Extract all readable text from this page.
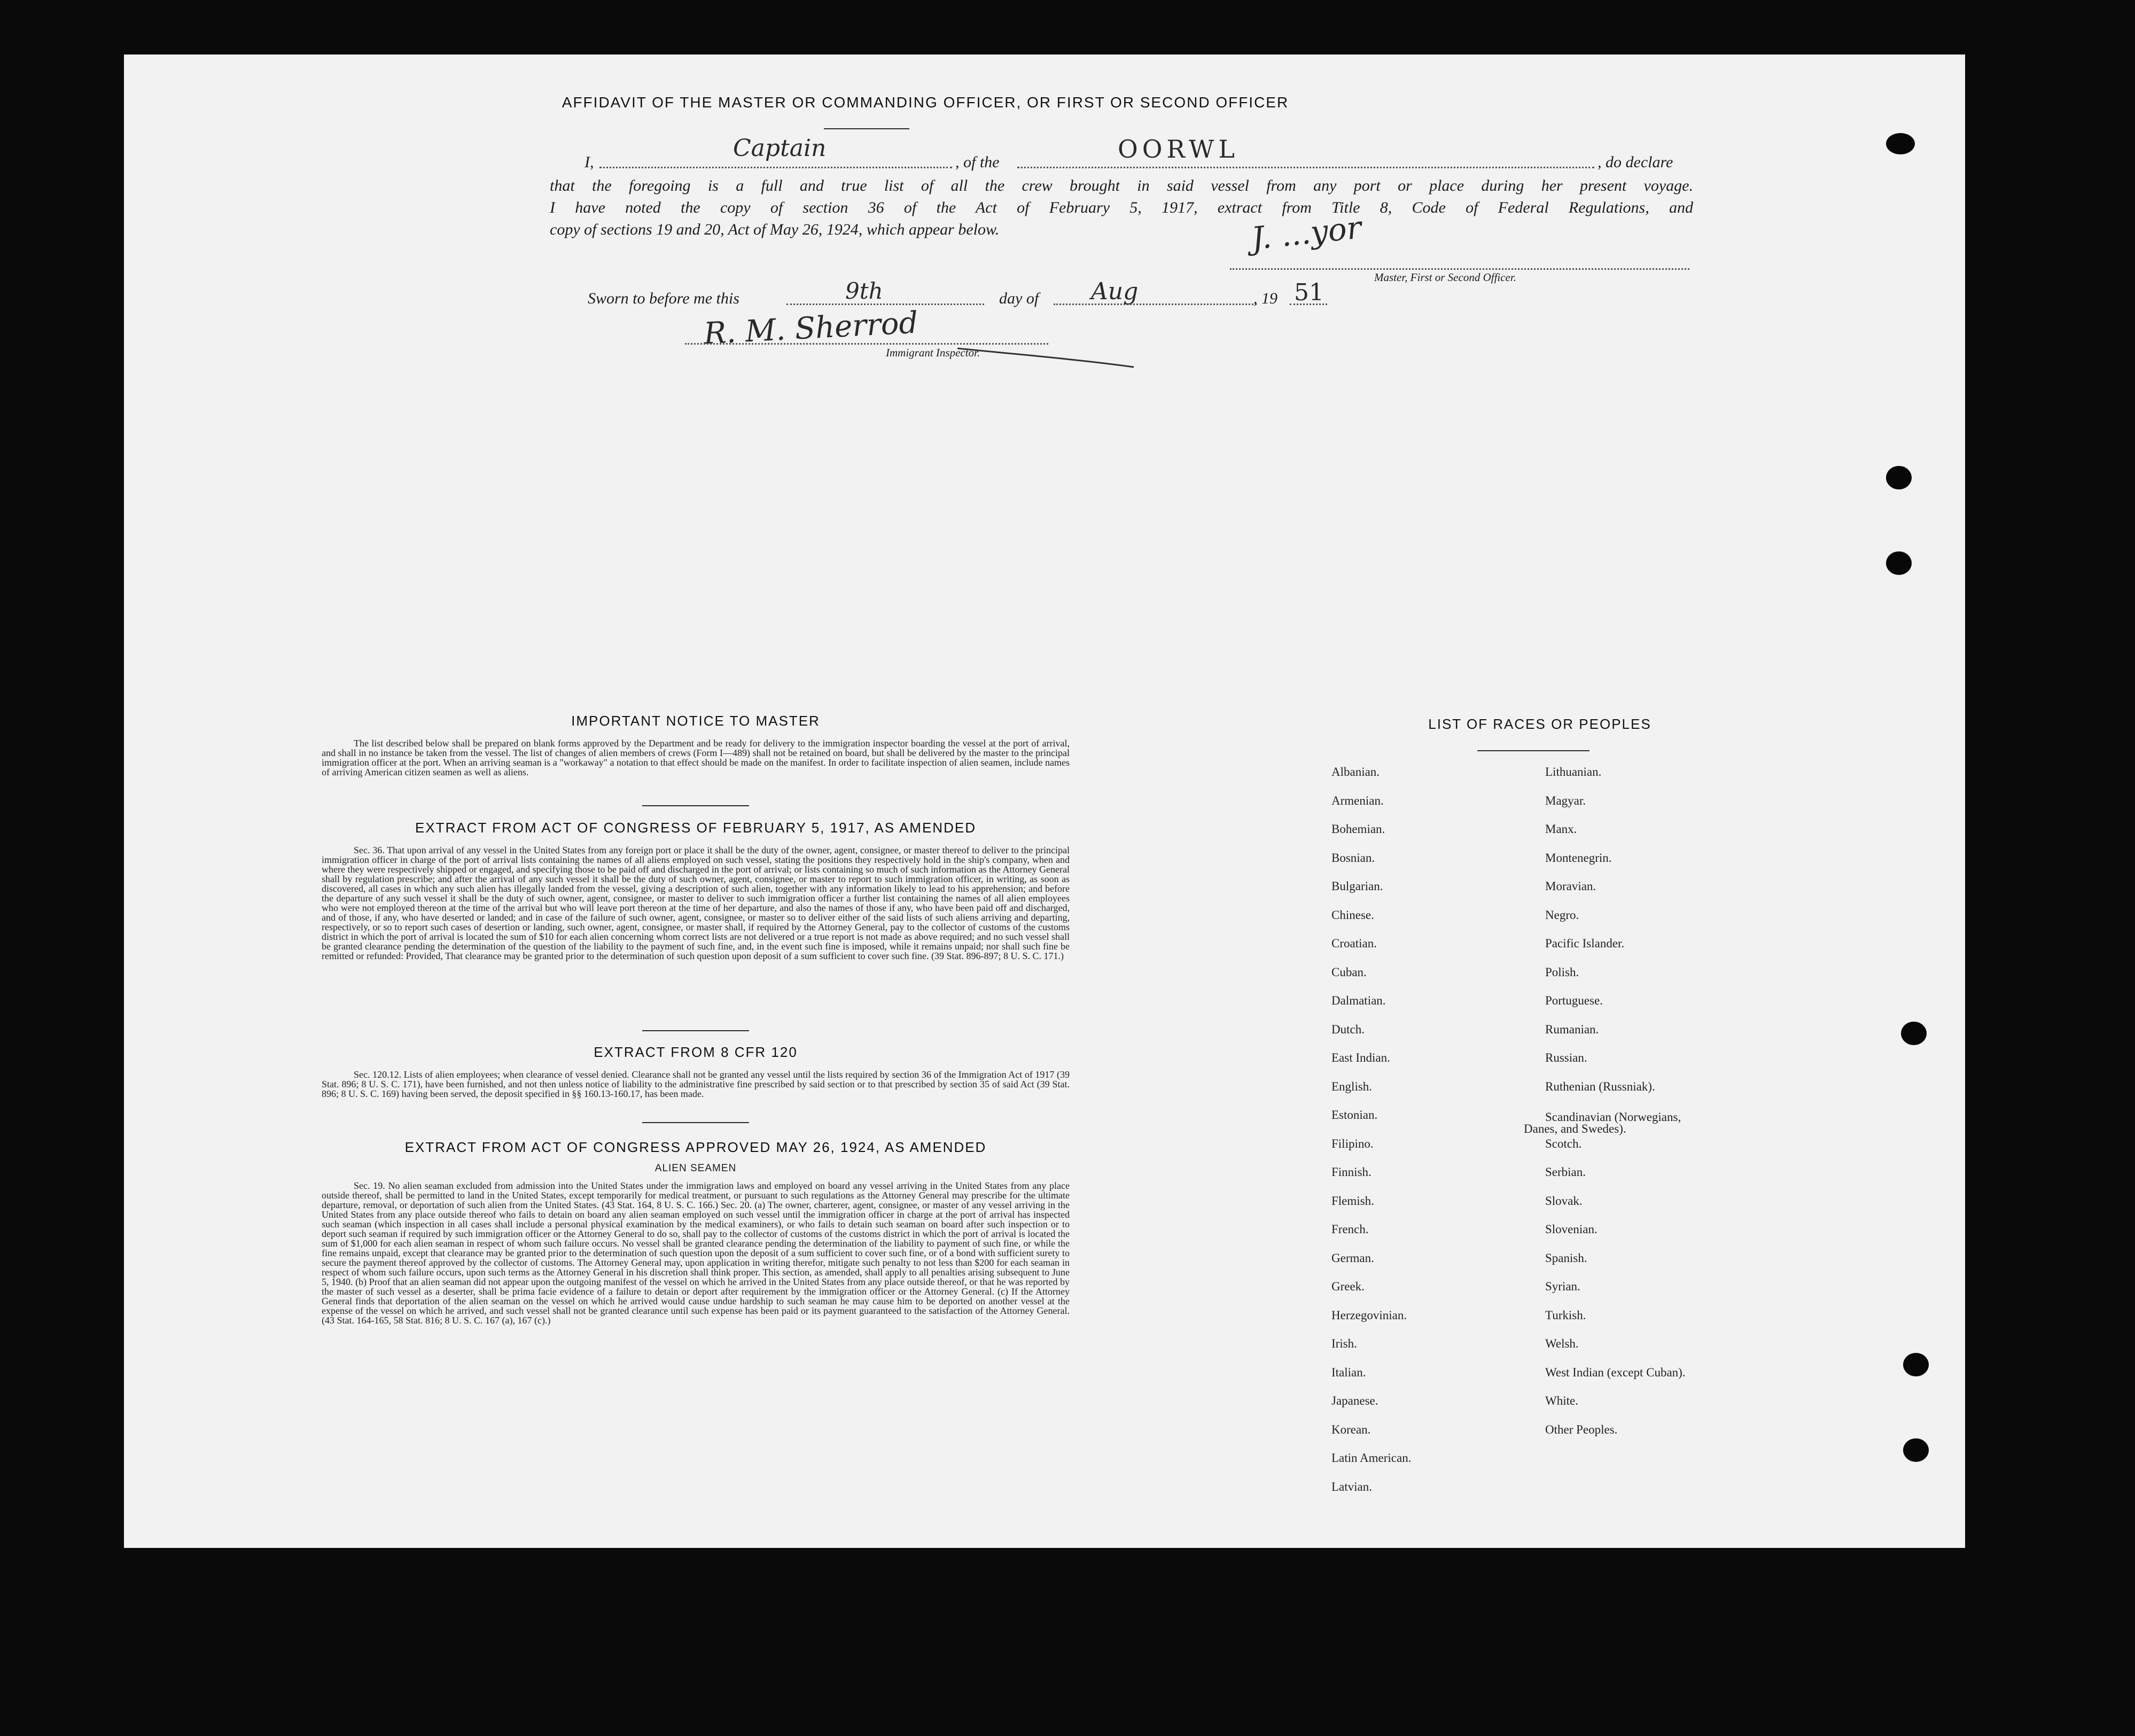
AFFIDAVIT OF THE MASTER OR COMMANDING OFFICER, OR FIRST OR SECOND OFFICER
I,
Captain
, of the	OORWL	, do declare
that the foregoing is a full and true list of all the crew brought in said vessel from any port or place during her present voyage.
I have noted the copy of section 36 of the Act of February 5, 1917, extract from Title 8, Code of Federal Regulations, and
copy of sections 19 and 20, Act of May 26, 1924, which appear below.	J. ...yor
Master, First or Second Officer.
Sworn to before me this	9th	day of Aug	, 19 51
R. M. Sherrod
Immigrant Inspector.
IMPORTANT NOTICE TO MASTER
The list described below shall be prepared on blank forms approved by the Department and be ready for delivery to the immigration inspector boarding the vessel at the port of arrival, and shall in no instance be taken from the vessel. The list of changes of alien members of crews (Form I—489) shall not be retained on board, but shall be delivered by the master to the principal immigration officer at the port. When an arriving seaman is a "workaway" a notation to that effect should be made on the manifest. In order to facilitate inspection of alien seamen, include names of arriving American citizen seamen as well as aliens.
EXTRACT FROM ACT OF CONGRESS OF FEBRUARY 5, 1917, AS AMENDED
Sec. 36. That upon arrival of any vessel in the United States from any foreign port or place it shall be the duty of the owner, agent, consignee, or master thereof to deliver to the principal immigration officer in charge of the port of arrival lists containing the names of all aliens employed on such vessel, stating the positions they respectively hold in the ship's company, when and where they were respectively shipped or engaged, and specifying those to be paid off and discharged in the port of arrival; or lists containing so much of such information as the Attorney General shall by regulation prescribe; and after the arrival of any such vessel it shall be the duty of such owner, agent, consignee, or master to report to such immigration officer, in writing, as soon as discovered, all cases in which any such alien has illegally landed from the vessel, giving a description of such alien, together with any information likely to lead to his apprehension; and before the departure of any such vessel it shall be the duty of such owner, agent, consignee, or master to deliver to such immigration officer a further list containing the names of all alien employees who were not employed thereon at the time of the arrival but who will leave port thereon at the time of her departure, and also the names of those if any, who have been paid off and discharged, and of those, if any, who have deserted or landed; and in case of the failure of such owner, agent, consignee, or master so to deliver either of the said lists of such aliens arriving and departing, respectively, or so to report such cases of desertion or landing, such owner, agent, consignee, or master shall, if required by the Attorney General, pay to the collector of customs of the customs district in which the port of arrival is located the sum of $10 for each alien concerning whom correct lists are not delivered or a true report is not made as above required; and no such vessel shall be granted clearance pending the determination of the question of the liability to the payment of such fine, and, in the event such fine is imposed, while it remains unpaid; nor shall such fine be remitted or refunded: Provided, That clearance may be granted prior to the determination of such question upon deposit of a sum sufficient to cover such fine. (39 Stat. 896-897; 8 U. S. C. 171.)
EXTRACT FROM 8 CFR 120
Sec. 120.12. Lists of alien employees; when clearance of vessel denied. Clearance shall not be granted any vessel until the lists required by section 36 of the Immigration Act of 1917 (39 Stat. 896; 8 U. S. C. 171), have been furnished, and not then unless notice of liability to the administrative fine prescribed by said section or to that prescribed by section 35 of said Act (39 Stat. 896; 8 U. S. C. 169) having been served, the deposit specified in §§ 160.13-160.17, has been made.
EXTRACT FROM ACT OF CONGRESS APPROVED MAY 26, 1924, AS AMENDED
ALIEN SEAMEN
Sec. 19. No alien seaman excluded from admission into the United States under the immigration laws and employed on board any vessel arriving in the United States from any place outside thereof, shall be permitted to land in the United States, except temporarily for medical treatment, or pursuant to such regulations as the Attorney General may prescribe for the ultimate departure, removal, or deportation of such alien from the United States. (43 Stat. 164, 8 U. S. C. 166.) Sec. 20. (a) The owner, charterer, agent, consignee, or master of any vessel arriving in the United States from any place outside thereof who fails to detain on board any alien seaman employed on such vessel until the immigration officer in charge at the port of arrival has inspected such seaman (which inspection in all cases shall include a personal physical examination by the medical examiners), or who fails to detain such seaman on board after such inspection or to deport such seaman if required by such immigration officer or the Attorney General to do so, shall pay to the collector of customs of the customs district in which the port of arrival is located the sum of $1,000 for each alien seaman in respect of whom such failure occurs. No vessel shall be granted clearance pending the determination of the liability to payment of such fine, or while the fine remains unpaid, except that clearance may be granted prior to the determination of such question upon the deposit of a sum sufficient to cover such fine, or of a bond with sufficient surety to secure the payment thereof approved by the collector of customs. The Attorney General may, upon application in writing therefor, mitigate such penalty to not less than $200 for each seaman in respect of whom such failure occurs, upon such terms as the Attorney General in his discretion shall think proper. This section, as amended, shall apply to all penalties arising subsequent to June 5, 1940. (b) Proof that an alien seaman did not appear upon the outgoing manifest of the vessel on which he arrived in the United States from any place outside thereof, or that he was reported by the master of such vessel as a deserter, shall be prima facie evidence of a failure to detain or deport after requirement by the immigration officer or the Attorney General. (c) If the Attorney General finds that deportation of the alien seaman on the vessel on which he arrived would cause undue hardship to such seaman he may cause him to be deported on another vessel at the expense of the vessel on which he arrived, and such vessel shall not be granted clearance until such expense has been paid or its payment guaranteed to the satisfaction of the Attorney General. (43 Stat. 164-165, 58 Stat. 816; 8 U. S. C. 167 (a), 167 (c).)
LIST OF RACES OR PEOPLES
Albanian.
Armenian.
Bohemian.
Bosnian.
Bulgarian.
Chinese.
Croatian.
Cuban.
Dalmatian.
Dutch.
East Indian.
English.
Estonian.
Filipino.
Finnish.
Flemish.
French.
German.
Greek.
Herzegovinian.
Irish.
Italian.
Japanese.
Korean.
Latin American.
Latvian.
Lithuanian.
Magyar.
Manx.
Montenegrin.
Moravian.
Negro.
Pacific Islander.
Polish.
Portuguese.
Rumanian.
Russian.
Ruthenian (Russniak).
Scandinavian (Norwegians,
Danes, and Swedes).
Scotch.
Serbian.
Slovak.
Slovenian.
Spanish.
Syrian.
Turkish.
Welsh.
West Indian (except Cuban).
White.
Other Peoples.
